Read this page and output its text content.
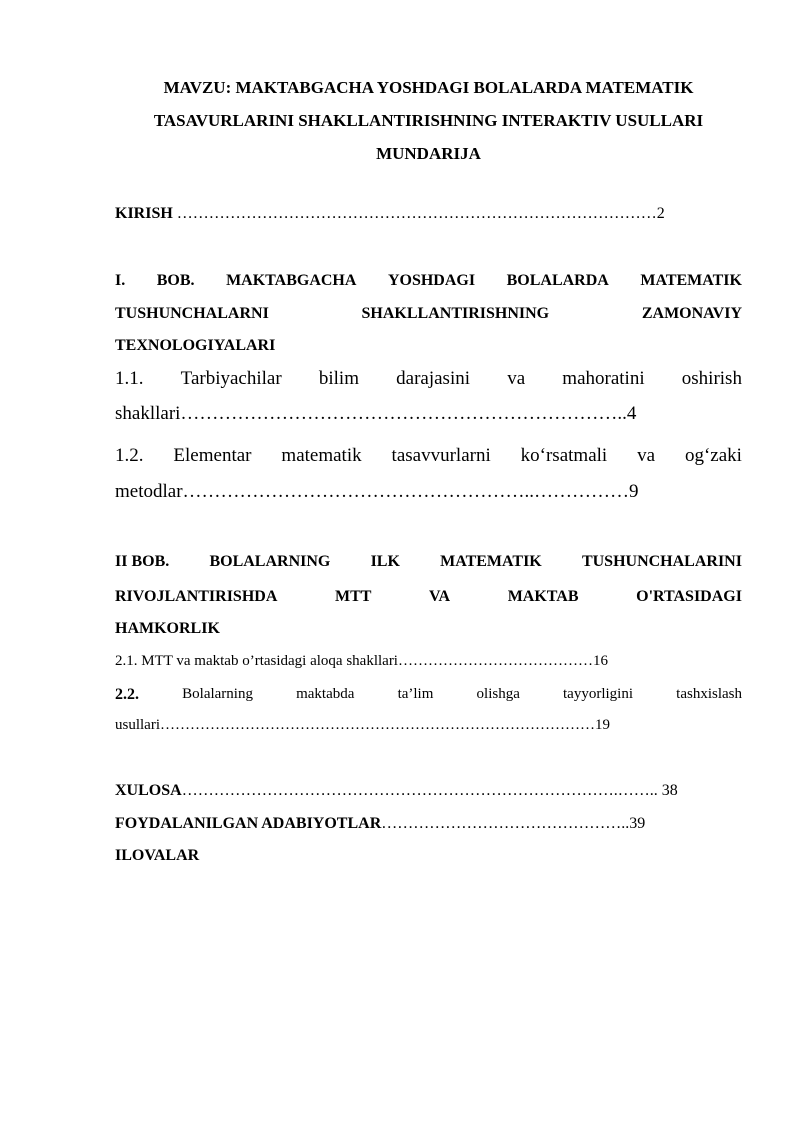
MAVZU: MAKTABGACHA YOSHDAGI BOLALARDA MATEMATIK
TASAVURLARINI SHAKLLANTIRISHNING INTERAKTIV USULLARI
MUNDARIJA
KIRISH ………………………………………………………………………………2
I. BOB. MAKTABGACHA YOSHDAGI BOLALARDA MATEMATIK
TUSHUNCHALARNI	SHAKLLANTIRISHNING	ZAMONAVIY
TEXNOLOGIYALARI
1.1. Tarbiyachilar bilim darajasini va mahoratini oshirish
shakllari……………………………………………………………..4
1.2. Elementar matematik tasavvurlarni ko‘rsatmali va og‘zaki
metodlar………………………………………………..……………9
II BOB.	BOLALARNING	ILK	MATEMATIK	TUSHUNCHALARINI
RIVOJLANTIRISHDA	MTT	VA	MAKTAB	O'RTASIDAGI
HAMKORLIK
2.1. MTT va maktab o’rtasidagi aloqa shakllari…………………………………16
2.2.	Bolalarning	maktabda	ta’lim	olishga	tayyorligini	tashxislash
usullari……………………………………………………………………………19
XULOSA……………………………………………………………………….…….. 38
FOYDALANILGAN ADABIYOTLAR………………………………………..39
ILOVALAR
